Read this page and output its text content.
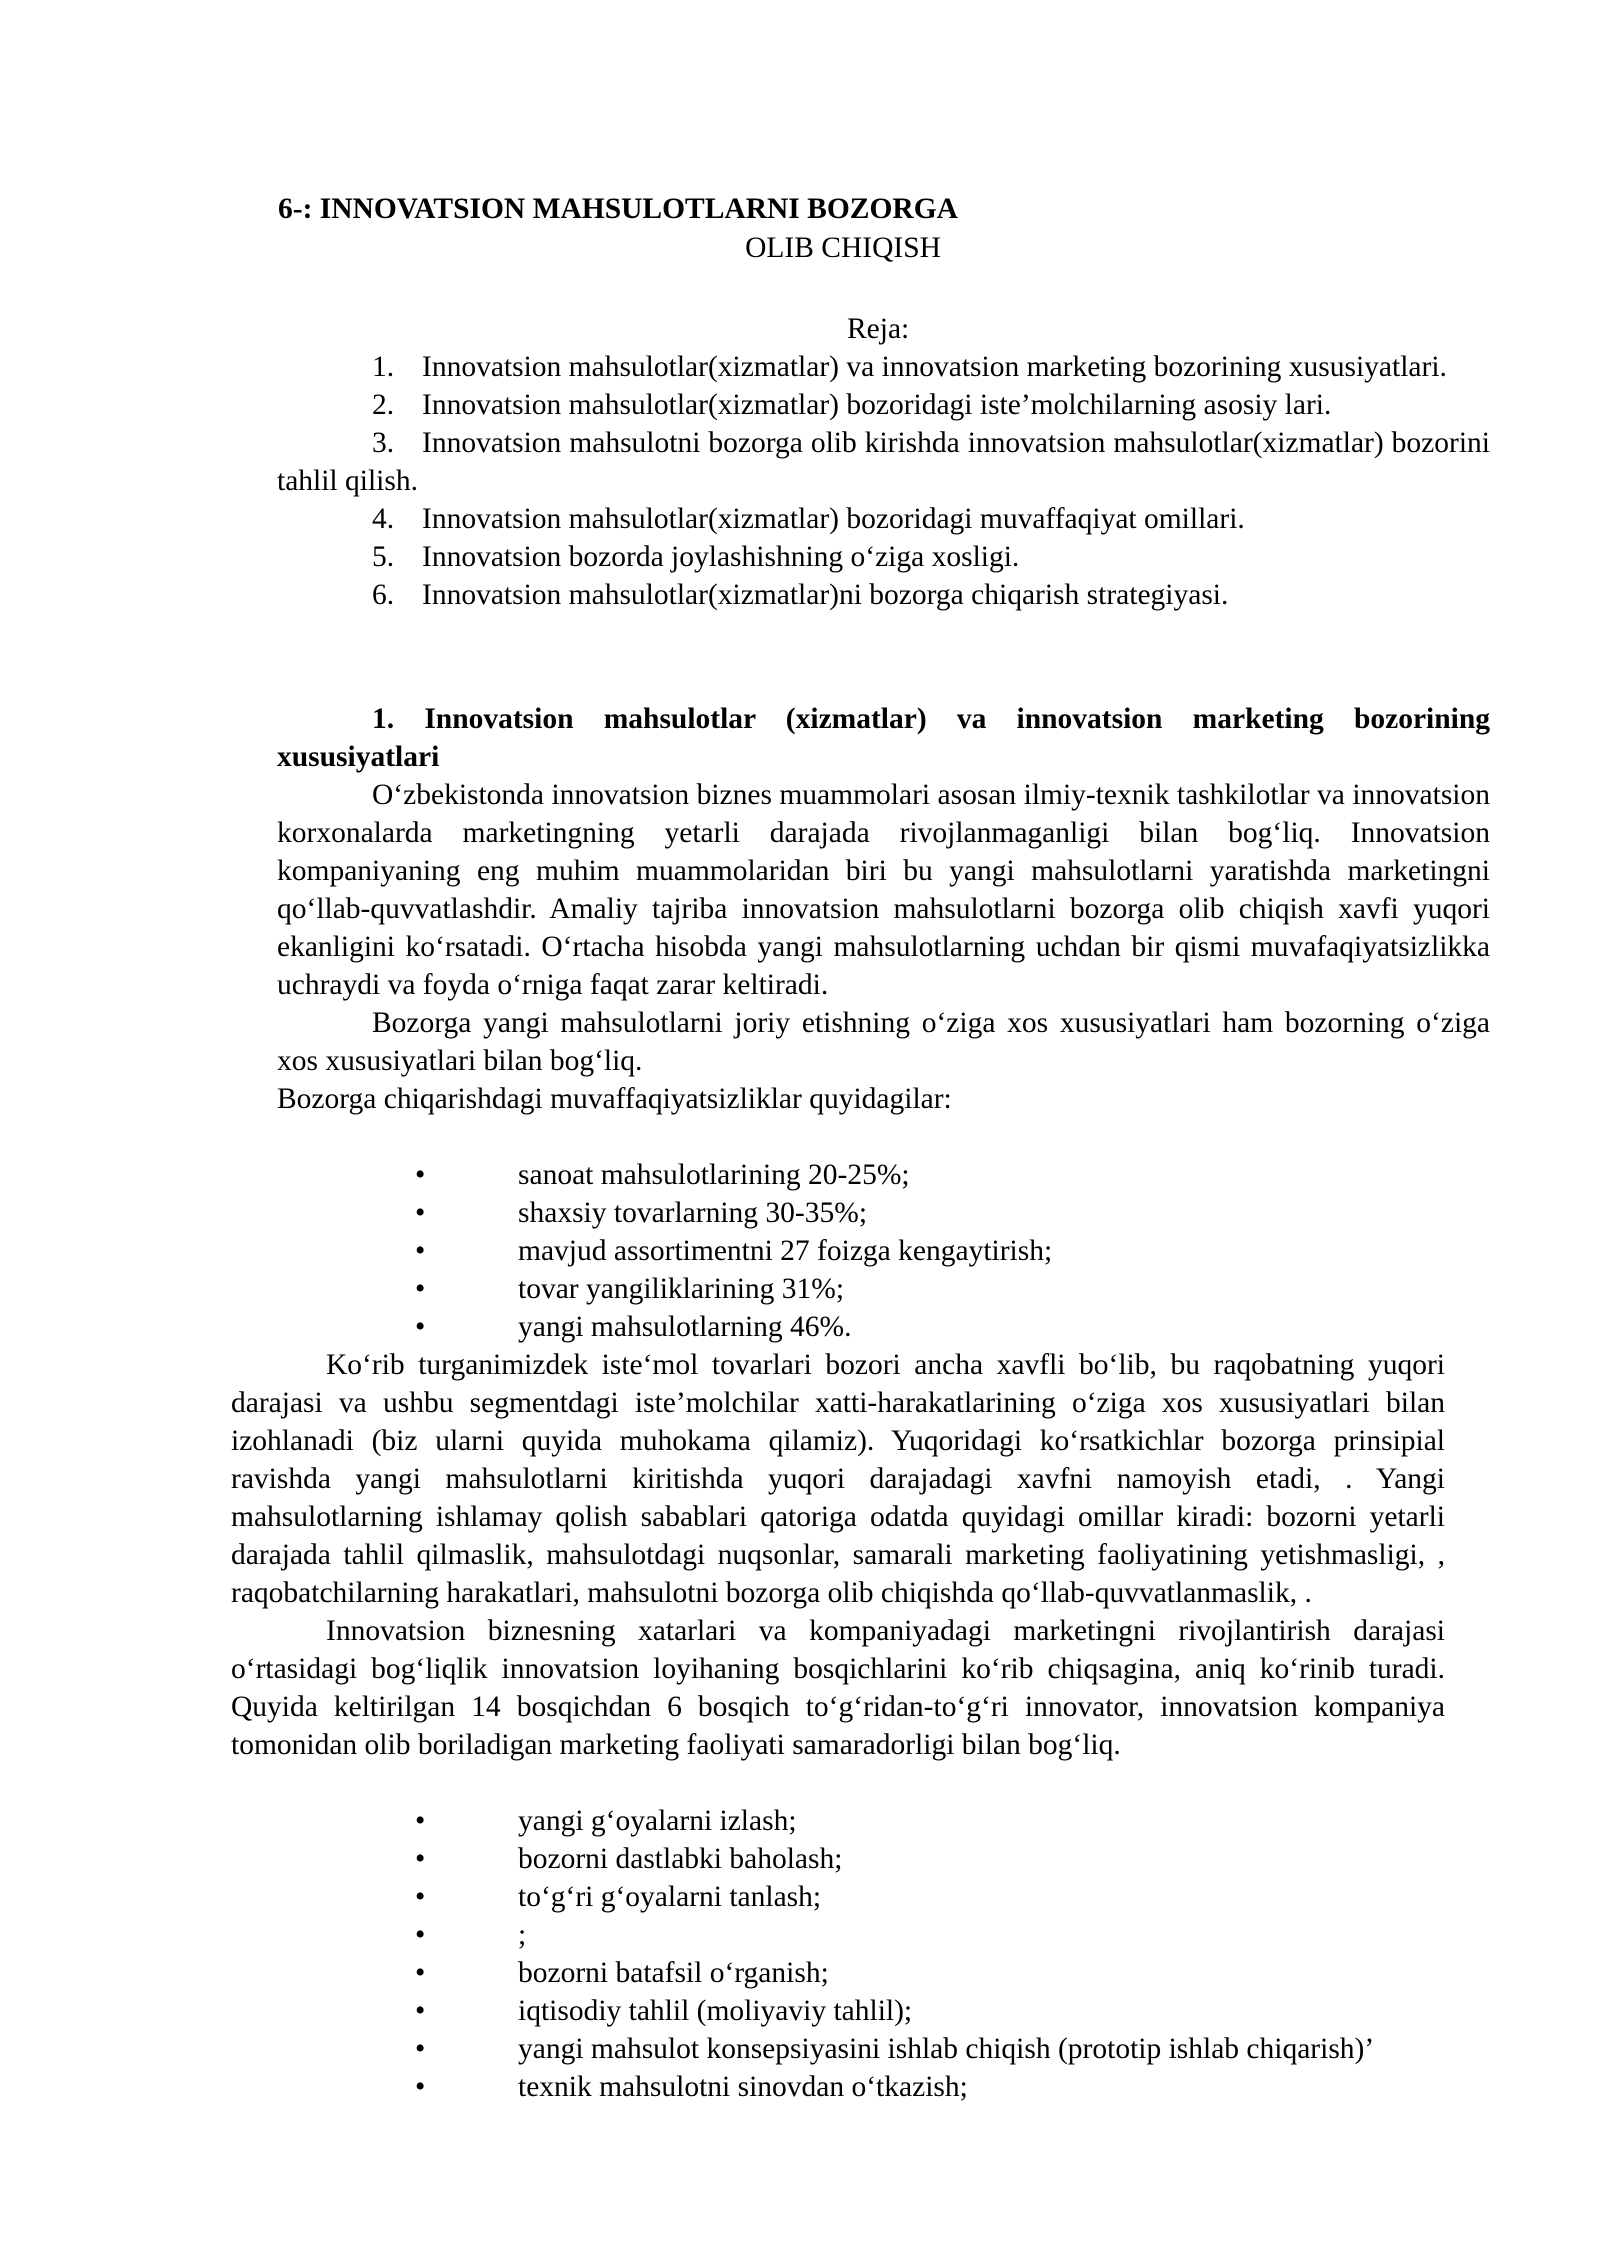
6-: INNOVATSION MAHSULOTLARNI BOZORGA
OLIB CHIQISH
Reja:

1. Innovatsion mahsulotlar(xizmatlar) va innovatsion marketing bozorining xususiyatlari.

2. Innovatsion mahsulotlar(xizmatlar) bozoridagi iste’molchilarning asosiy lari.

3. Innovatsion mahsulotni bozorga olib kirishda innovatsion mahsulotlar(xizmatlar) bozorini tahlil qilish.

4. Innovatsion mahsulotlar(xizmatlar) bozoridagi muvaffaqiyat omillari.

5. Innovatsion bozorda joylashishning o‘ziga xosligi.

6. Innovatsion mahsulotlar(xizmatlar)ni bozorga chiqarish strategiyasi.

1. Innovatsion mahsulotlar (xizmatlar) va innovatsion marketing bozorining xususiyatlari

O‘zbekistonda innovatsion biznes muammolari asosan ilmiy-texnik tashkilotlar va innovatsion korxonalarda marketingning yetarli darajada rivojlanmaganligi bilan bog‘liq. Innovatsion kompaniyaning eng muhim muammolaridan biri bu yangi mahsulotlarni yaratishda marketingni qo‘llab-quvvatlashdir. Amaliy tajriba innovatsion mahsulotlarni bozorga olib chiqish xavfi yuqori ekanligini ko‘rsatadi. O‘rtacha hisobda yangi mahsulotlarning uchdan bir qismi muvafaqiyatsizlikka uchraydi va foyda o‘rniga faqat zarar keltiradi.

Bozorga yangi mahsulotlarni joriy etishning o‘ziga xos xususiyatlari ham bozorning o‘ziga xos xususiyatlari bilan bog‘liq.

Bozorga chiqarishdagi muvaffaqiyatsizliklar quyidagilar:

•	sanoat mahsulotlarining 20-25%;
•	shaxsiy tovarlarning 30-35%;
•	mavjud assortimentni 27 foizga kengaytirish;
•	tovar yangiliklarining 31%;
•	yangi mahsulotlarning 46%.

Ko‘rib turganimizdek iste‘mol tovarlari bozori ancha xavfli bo‘lib, bu raqobatning yuqori darajasi va ushbu segmentdagi iste’molchilar xatti-harakatlarining o‘ziga xos xususiyatlari bilan izohlanadi (biz ularni quyida muhokama qilamiz). Yuqoridagi ko‘rsatkichlar bozorga prinsipial ravishda yangi mahsulotlarni kiritishda yuqori darajadagi xavfni namoyish etadi, . Yangi mahsulotlarning ishlamay qolish sabablari qatoriga odatda quyidagi omillar kiradi: bozorni yetarli darajada tahlil qilmaslik, mahsulotdagi nuqsonlar, samarali marketing faoliyatining yetishmasligi, , raqobatchilarning harakatlari, mahsulotni bozorga olib chiqishda qo‘llab-quvvatlanmaslik, .

Innovatsion biznesning xatarlari va kompaniyadagi marketingni rivojlantirish darajasi o‘rtasidagi bog‘liqlik innovatsion loyihaning bosqichlarini ko‘rib chiqsagina, aniq ko‘rinib turadi. Quyida keltirilgan 14 bosqichdan 6 bosqich to‘g‘ridan-to‘g‘ri innovator, innovatsion kompaniya tomonidan olib boriladigan marketing faoliyati samaradorligi bilan bog‘liq.

•	yangi g‘oyalarni izlash;
•	bozorni dastlabki baholash;
•	to‘g‘ri g‘oyalarni tanlash;
•	;
•	bozorni batafsil o‘rganish;
•	iqtisodiy tahlil (moliyaviy tahlil);
•	yangi mahsulot konsepsiyasini ishlab chiqish (prototip ishlab chiqarish)’
•	texnik mahsulotni sinovdan o‘tkazish;
